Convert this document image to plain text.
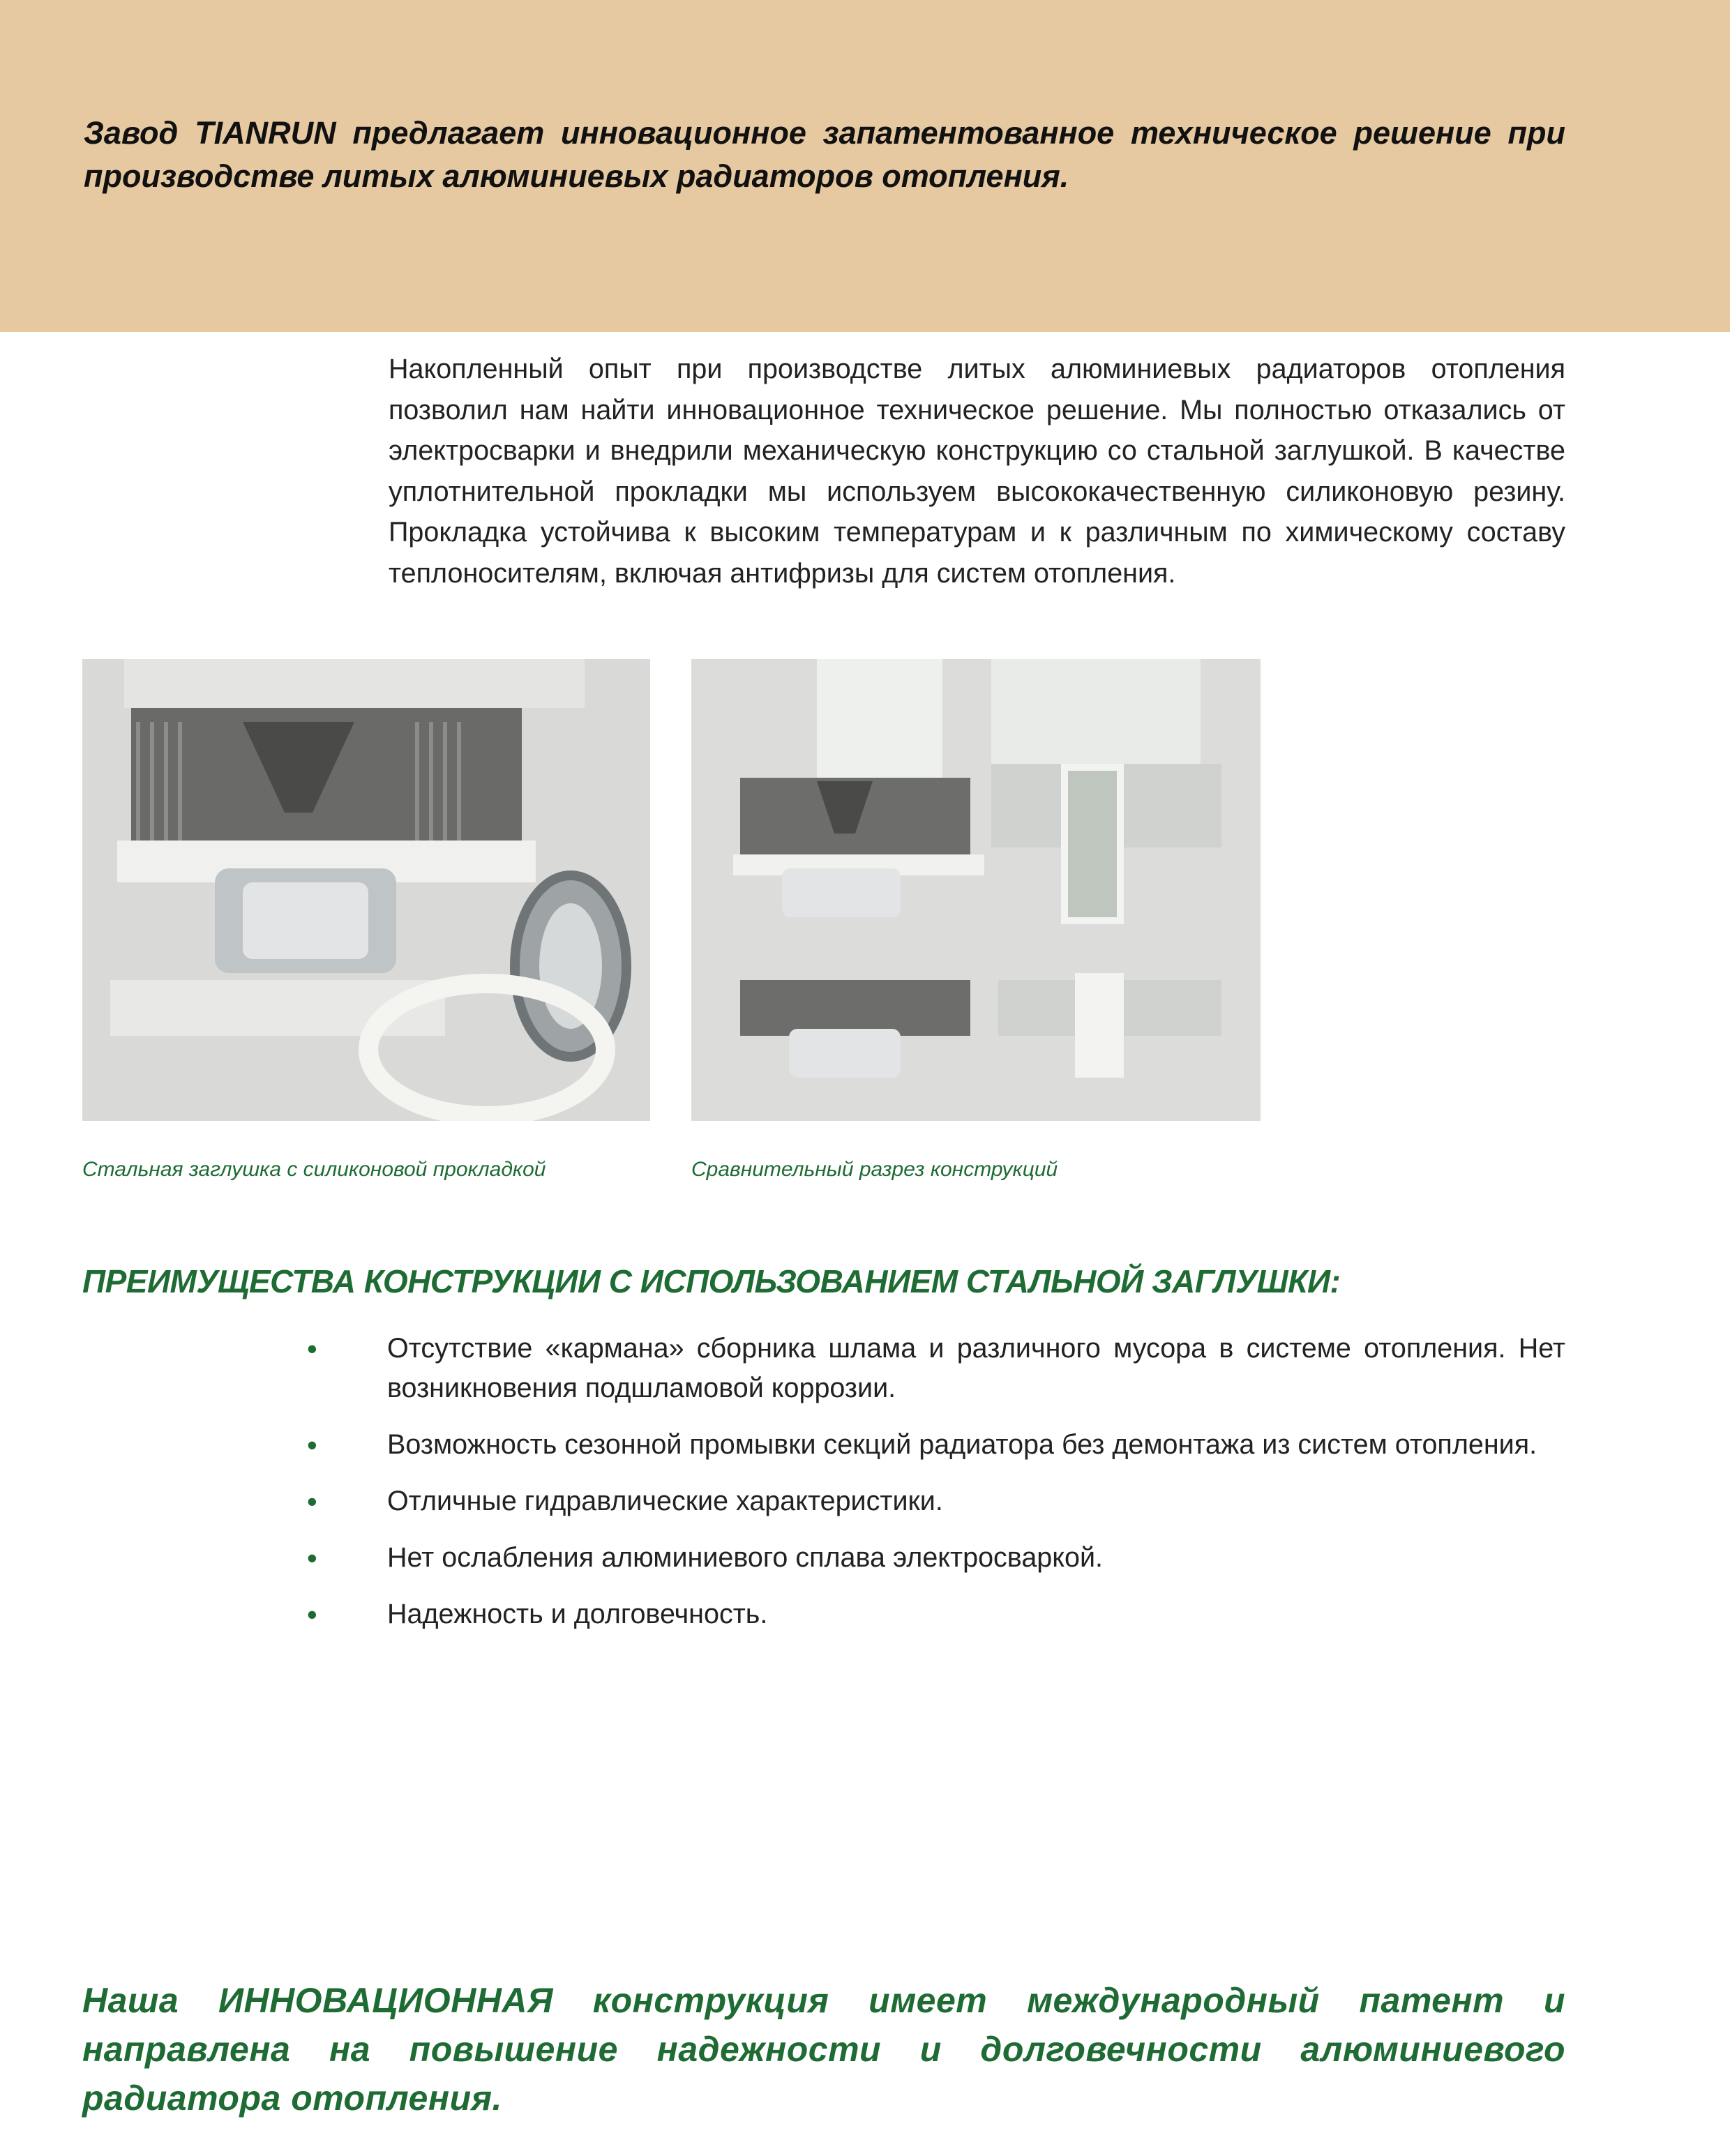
Завод TIANRUN предлагает инновационное запатентованное техническое решение при производстве литых алюминиевых радиаторов отопления.
Накопленный опыт при производстве литых алюминиевых радиаторов отопления позволил нам найти инновационное техническое решение. Мы полностью отказались от электросварки и внедрили механическую конструкцию со стальной заглушкой. В качестве уплотнительной прокладки мы используем высококачественную силиконовую резину. Прокладка устойчива к высоким температурам и к различным по химическому составу теплоносителям, включая антифризы для систем отопления.
Стальная заглушка с силиконовой прокладкой	Сравнительный разрез конструкций
ПРЕИМУЩЕСТВА КОНСТРУКЦИИ С ИСПОЛЬЗОВАНИЕМ СТАЛЬНОЙ ЗАГЛУШКИ:
•	Отсутствие «кармана» сборника шлама и различного мусора в системе отопления. Нет возникновения подшламовой коррозии.
•	Возможность сезонной промывки секций радиатора без демонтажа из систем отопления.
•	Отличные гидравлические характеристики.
•	Нет ослабления алюминиевого сплава электросваркой.
•	Надежность и долговечность.
Наша ИННОВАЦИОННАЯ конструкция имеет международный патент и направлена на повышение надежности и долговечности алюминиевого радиатора отопления.
